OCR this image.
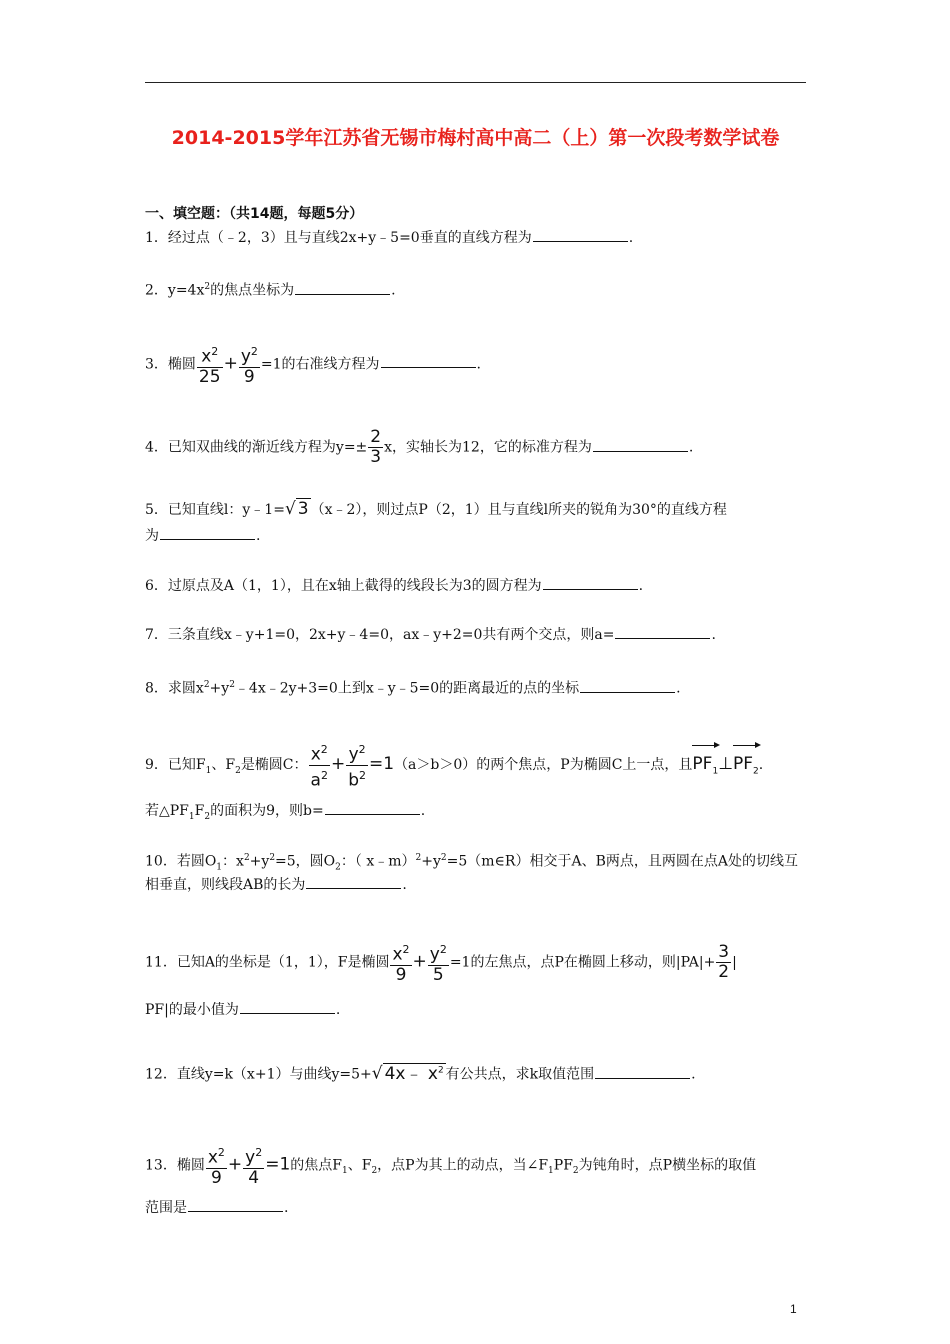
2014-2015学年江苏省无锡市梅村高中高二（上）第一次段考数学试卷
一、填空题：（共14题，每题5分）
1．经过点（﹣2，3）且与直线2x+y﹣5=0垂直的直线方程为	.
2．$y=4x^2$的焦点坐标为	.
3．椭圆 $\frac{x^2}{25} + \frac{y^2}{9} =1$的右准线方程为	.
4．已知双曲线的渐近线方程为$y=\pm \frac{2}{3}$ x，实轴长为12，它的标准方程为	.
5．已知直线l：y﹣1=√ 3 （x﹣2），则过点P（2，1）且与直线l所夹的锐角为30°的直线方程
为	.
6．过原点及A（1，1），且在x轴上截得的线段长为3的圆方程为	.
7．三条直线x﹣y+1=0，2x+y﹣4=0，ax﹣y+2=0共有两个交点，则a=	.
8．求圆$x^2+y^2﹣4x﹣2y+3=0$上到x﹣y﹣5=0的距离最近的点的坐标	.
9．已知$F_1$、$F_2$是椭圆C： $\frac{x^2}{a^2} + \frac{y^2}{b^2} =1(a>b>0)$的两个焦点，P为椭圆C上一点，且
$PF_1\perp$
$PF_2$.
若$\triangle PF_1F_2$的面积为9，则b=	.
10．若圆$O_1$：$x^2+y^2=5$，圆$O_2$：（ $x﹣m)^2+y^2=5(m\in R)$相交于A、B两点，且两圆在点A处的切线互
相垂直，则线段AB的长为	.
11．已知A的坐标是（1，1），F是椭圆 $\frac{x^2}{9} + \frac{y^2}{5} =1$的左焦点，点P在椭圆上移动，则$|PA|+ \frac{3}{2}$ |
PF|的最小值为	.
12．直线y=k（x+1）与曲线y=5+√ 4x﹣ $x^2$ 有公共点，求k取值范围	.
13．椭圆 $\frac{x^2}{9} + \frac{y^2}{4} =1$的焦点$F_1$、$F_2$，点P为其上的动点，当$\angle F_1PF_2$为钝角时，点P横坐标的取值
范围是	.
1
